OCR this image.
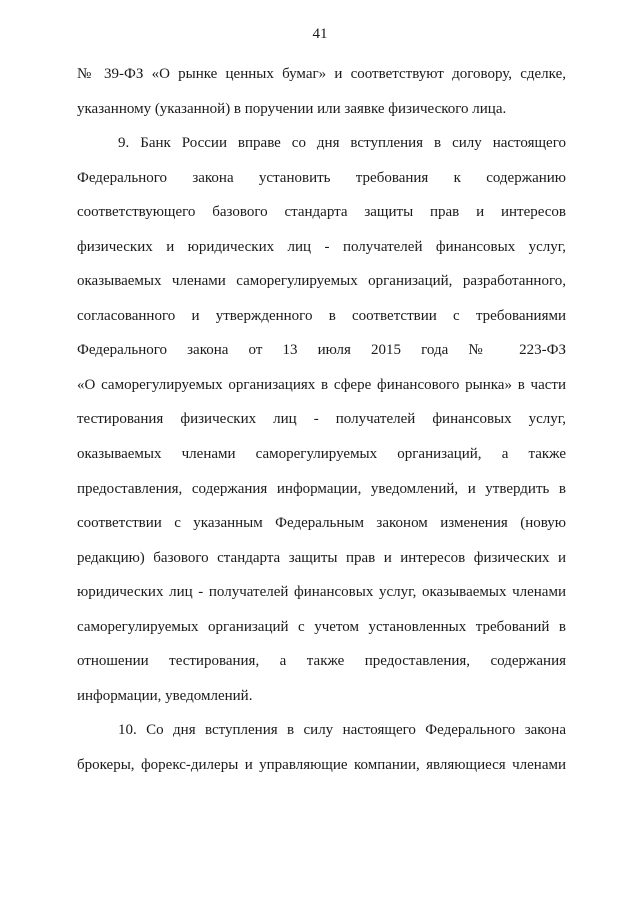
41
№ 39-ФЗ «О рынке ценных бумаг» и соответствуют договору, сделке,
указанному (указанной) в поручении или заявке физического лица.
9. Банк России вправе со дня вступления в силу настоящего
Федерального закона установить требования к содержанию
соответствующего базового стандарта защиты прав и интересов
физических и юридических лиц - получателей финансовых услуг,
оказываемых членами саморегулируемых организаций, разработанного,
согласованного и утвержденного в соответствии с требованиями
Федерального закона от 13 июля 2015 года № 223-ФЗ
«О саморегулируемых организациях в сфере финансового рынка» в части
тестирования физических лиц - получателей финансовых услуг,
оказываемых членами саморегулируемых организаций, а также
предоставления, содержания информации, уведомлений, и утвердить в
соответствии с указанным Федеральным законом изменения (новую
редакцию) базового стандарта защиты прав и интересов физических и
юридических лиц - получателей финансовых услуг, оказываемых членами
саморегулируемых организаций с учетом установленных требований в
отношении тестирования, а также предоставления, содержания
информации, уведомлений.
10. Со дня вступления в силу настоящего Федерального закона
брокеры, форекс-дилеры и управляющие компании, являющиеся членами
